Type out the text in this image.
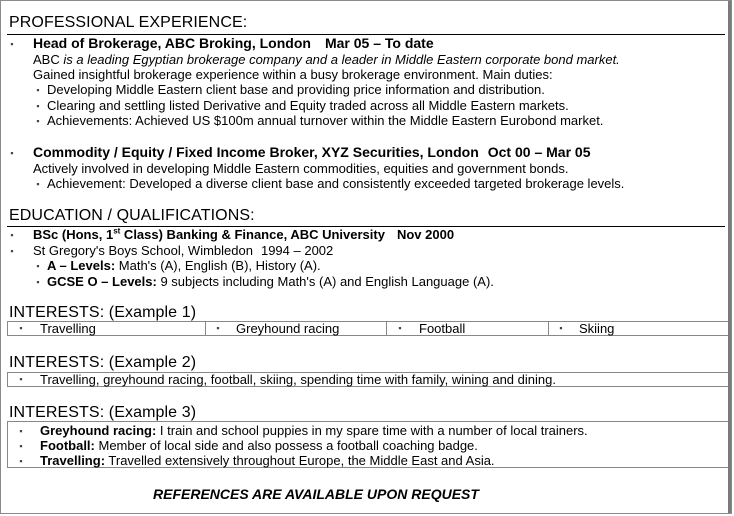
PROFESSIONAL EXPERIENCE:
▪ Head of Brokerage, ABC Broking, London Mar 05 – To date
ABC is a leading Egyptian brokerage company and a leader in Middle Eastern corporate bond market.
Gained insightful brokerage experience within a busy brokerage environment. Main duties:
▪ Developing Middle Eastern client base and providing price information and distribution.
▪ Clearing and settling listed Derivative and Equity traded across all Middle Eastern markets.
▪ Achievements: Achieved US $100m annual turnover within the Middle Eastern Eurobond market.
▪ Commodity / Equity / Fixed Income Broker, XYZ Securities, London Oct 00 – Mar 05
Actively involved in developing Middle Eastern commodities, equities and government bonds.
▪ Achievement: Developed a diverse client base and consistently exceeded targeted brokerage levels.
EDUCATION / QUALIFICATIONS:
▪ BSc (Hons, 1st Class) Banking & Finance, ABC University Nov 2000
▪ St Gregory's Boys School, Wimbledon 1994 – 2002
▪ A – Levels: Math's (A), English (B), History (A).
▪ GCSE O – Levels: 9 subjects including Math's (A) and English Language (A).
INTERESTS: (Example 1)
▪ Travelling	▪ Greyhound racing	▪ Football	▪ Skiing
INTERESTS: (Example 2)
▪ Travelling, greyhound racing, football, skiing, spending time with family, wining and dining.
INTERESTS: (Example 3)
▪ Greyhound racing: I train and school puppies in my spare time with a number of local trainers.
▪ Football: Member of local side and also possess a football coaching badge.
▪ Travelling: Travelled extensively throughout Europe, the Middle East and Asia.
REFERENCES ARE AVAILABLE UPON REQUEST
